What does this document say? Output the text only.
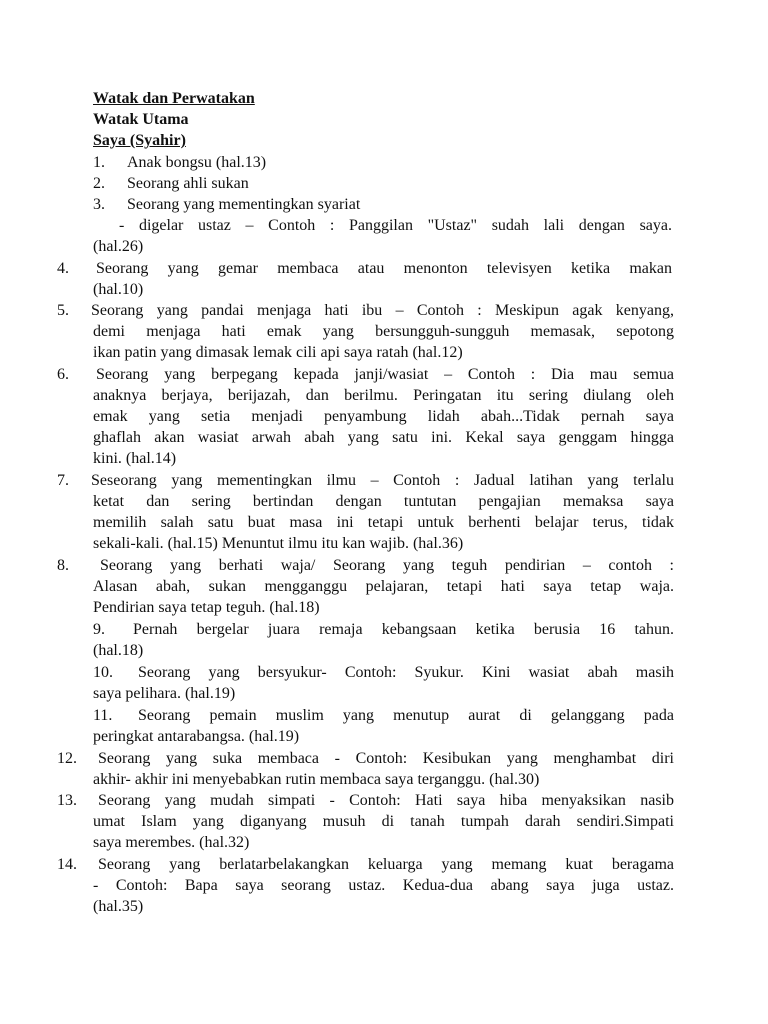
Watak dan Perwatakan
Watak Utama
Saya (Syahir)
1. Anak bongsu (hal.13)
2. Seorang ahli sukan
3. Seorang yang mementingkan syariat
- digelar ustaz – Contoh : Panggilan "Ustaz" sudah lali dengan saya.
(hal.26)
4. Seorang yang gemar membaca atau menonton televisyen ketika makan
(hal.10)
5. Seorang yang pandai menjaga hati ibu – Contoh : Meskipun agak kenyang,
demi menjaga hati emak yang bersungguh-sungguh memasak, sepotong
ikan patin yang dimasak lemak cili api saya ratah (hal.12)
6. Seorang yang berpegang kepada janji/wasiat – Contoh : Dia mau semua
anaknya berjaya, berijazah, dan berilmu. Peringatan itu sering diulang oleh
emak yang setia menjadi penyambung lidah abah...Tidak pernah saya
ghaflah akan wasiat arwah abah yang satu ini. Kekal saya genggam hingga
kini. (hal.14)
7. Seseorang yang mementingkan ilmu – Contoh : Jadual latihan yang terlalu
ketat dan sering bertindan dengan tuntutan pengajian memaksa saya
memilih salah satu buat masa ini tetapi untuk berhenti belajar terus, tidak
sekali-kali. (hal.15) Menuntut ilmu itu kan wajib. (hal.36)
8. Seorang yang berhati waja/ Seorang yang teguh pendirian – contoh :
Alasan abah, sukan mengganggu pelajaran, tetapi hati saya tetap waja.
Pendirian saya tetap teguh. (hal.18)
9. Pernah bergelar juara remaja kebangsaan ketika berusia 16 tahun.
(hal.18)
10. Seorang yang bersyukur- Contoh: Syukur. Kini wasiat abah masih
saya pelihara. (hal.19)
11. Seorang pemain muslim yang menutup aurat di gelanggang pada
peringkat antarabangsa. (hal.19)
12. Seorang yang suka membaca - Contoh: Kesibukan yang menghambat diri
akhir- akhir ini menyebabkan rutin membaca saya terganggu. (hal.30)
13. Seorang yang mudah simpati - Contoh: Hati saya hiba menyaksikan nasib
umat Islam yang diganyang musuh di tanah tumpah darah sendiri.Simpati
saya merembes. (hal.32)
14. Seorang yang berlatarbelakangkan keluarga yang memang kuat beragama
- Contoh: Bapa saya seorang ustaz. Kedua-dua abang saya juga ustaz.
(hal.35)
